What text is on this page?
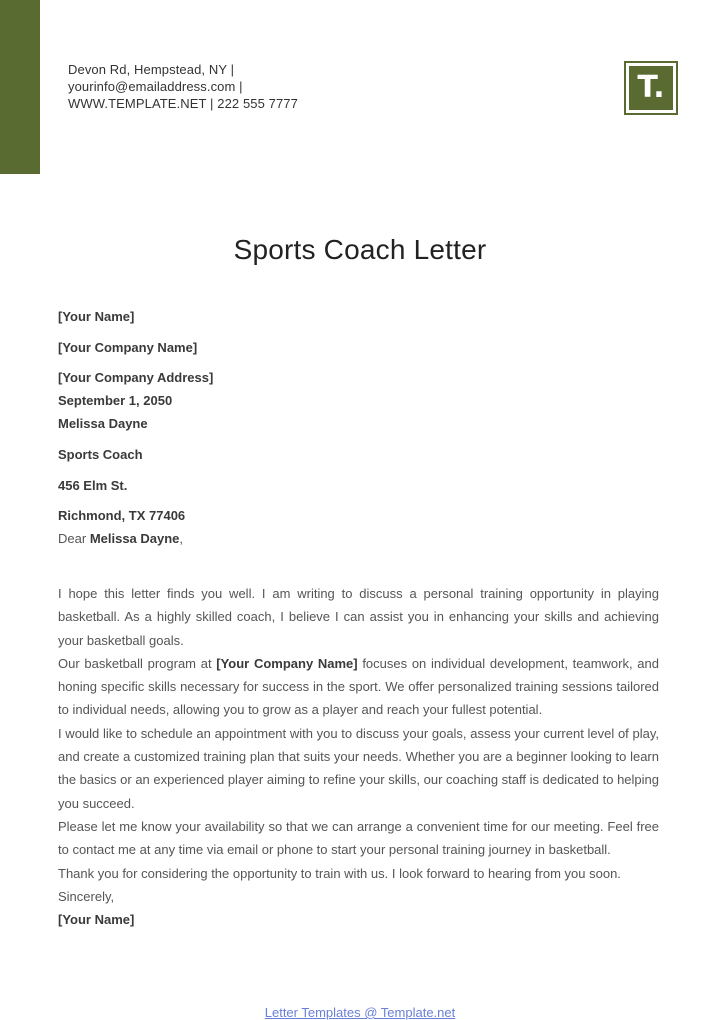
Devon Rd, Hempstead, NY |
yourinfo@emailaddress.com |
WWW.TEMPLATE.NET | 222 555 7777	T.
Sports Coach Letter
[Your Name]
[Your Company Name]
[Your Company Address]
September 1, 2050
Melissa Dayne
Sports Coach
456 Elm St.
Richmond, TX 77406
Dear Melissa Dayne,

I hope this letter finds you well. I am writing to discuss a personal training opportunity in playing basketball. As a highly skilled coach, I believe I can assist you in enhancing your skills and achieving your basketball goals.

Our basketball program at [Your Company Name] focuses on individual development, teamwork, and honing specific skills necessary for success in the sport. We offer personalized training sessions tailored to individual needs, allowing you to grow as a player and reach your fullest potential.

I would like to schedule an appointment with you to discuss your goals, assess your current level of play, and create a customized training plan that suits your needs. Whether you are a beginner looking to learn the basics or an experienced player aiming to refine your skills, our coaching staff is dedicated to helping you succeed.

Please let me know your availability so that we can arrange a convenient time for our meeting. Feel free to contact me at any time via email or phone to start your personal training journey in basketball.

Thank you for considering the opportunity to train with us. I look forward to hearing from you soon.

Sincerely,

[Your Name]

Letter Templates @ Template.net
